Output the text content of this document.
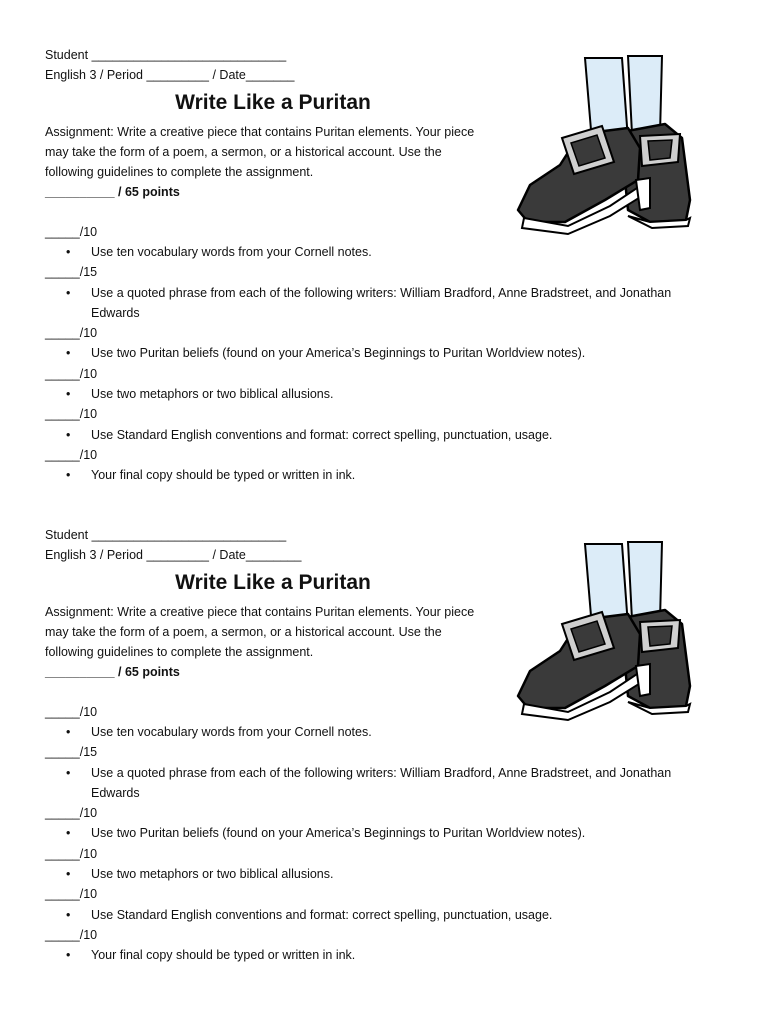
Student ____________________________
English 3 / Period _________ / Date_______
Write Like a Puritan
Assignment: Write a creative piece that contains Puritan elements. Your piece
may take the form of a poem, a sermon, or a historical account. Use the
following guidelines to complete the assignment.
__________ / 65 points
_____/10
•	Use ten vocabulary words from your Cornell notes.
_____/15
•	Use a quoted phrase from each of the following writers: William Bradford, Anne Bradstreet, and Jonathan Edwards
_____/10
•	Use two Puritan beliefs (found on your America’s Beginnings to Puritan Worldview notes).
_____/10
•	Use two metaphors or two biblical allusions.
_____/10
•	Use Standard English conventions and format: correct spelling, punctuation, usage.
_____/10
•	Your final copy should be typed or written in ink.
Student ____________________________
English 3 / Period _________ / Date________
Write Like a Puritan
Assignment: Write a creative piece that contains Puritan elements. Your piece
may take the form of a poem, a sermon, or a historical account. Use the
following guidelines to complete the assignment.
__________ / 65 points
_____/10
•	Use ten vocabulary words from your Cornell notes.
_____/15
•	Use a quoted phrase from each of the following writers: William Bradford, Anne Bradstreet, and Jonathan Edwards
_____/10
•	Use two Puritan beliefs (found on your America’s Beginnings to Puritan Worldview notes).
_____/10
•	Use two metaphors or two biblical allusions.
_____/10
•	Use Standard English conventions and format: correct spelling, punctuation, usage.
_____/10
•	Your final copy should be typed or written in ink.
